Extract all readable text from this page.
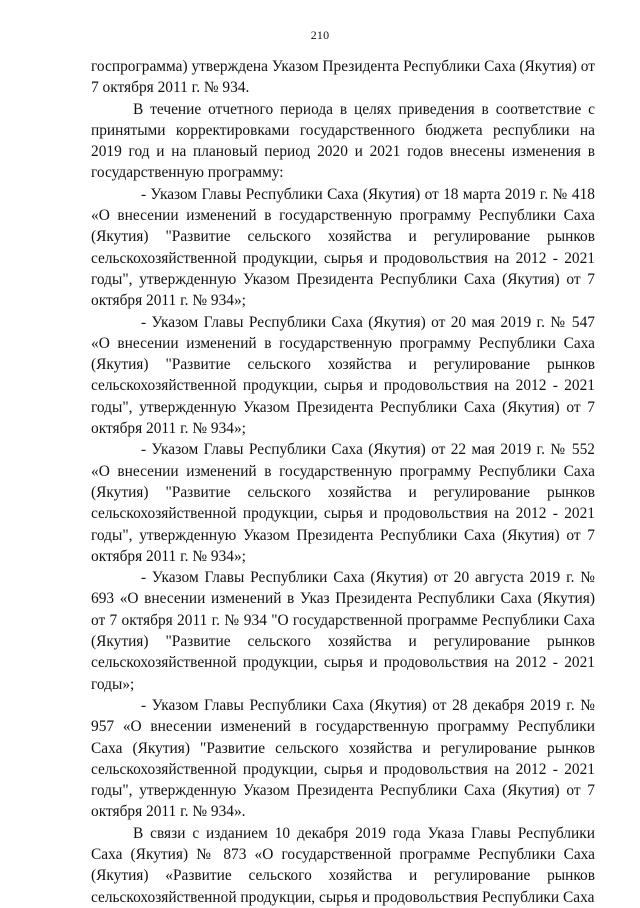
210

госпрограмма) утверждена Указом Президента Республики Саха (Якутия) от 7 октября 2011 г. № 934.

В течение отчетного периода в целях приведения в соответствие с принятыми корректировками государственного бюджета республики на 2019 год и на плановый период 2020 и 2021 годов внесены изменения в государственную программу:

- Указом Главы Республики Саха (Якутия) от 18 марта 2019 г. № 418 «О внесении изменений в государственную программу Республики Саха (Якутия) "Развитие сельского хозяйства и регулирование рынков сельскохозяйственной продукции, сырья и продовольствия на 2012 - 2021 годы", утвержденную Указом Президента Республики Саха (Якутия) от 7 октября 2011 г. № 934»;

- Указом Главы Республики Саха (Якутия) от 20 мая 2019 г. № 547 «О внесении изменений в государственную программу Республики Саха (Якутия) "Развитие сельского хозяйства и регулирование рынков сельскохозяйственной продукции, сырья и продовольствия на 2012 - 2021 годы", утвержденную Указом Президента Республики Саха (Якутия) от 7 октября 2011 г. № 934»;

- Указом Главы Республики Саха (Якутия) от 22 мая 2019 г. № 552 «О внесении изменений в государственную программу Республики Саха (Якутия) "Развитие сельского хозяйства и регулирование рынков сельскохозяйственной продукции, сырья и продовольствия на 2012 - 2021 годы", утвержденную Указом Президента Республики Саха (Якутия) от 7 октября 2011 г. № 934»;

- Указом Главы Республики Саха (Якутия) от 20 августа 2019 г. № 693 «О внесении изменений в Указ Президента Республики Саха (Якутия) от 7 октября 2011 г. № 934 "О государственной программе Республики Саха (Якутия) "Развитие сельского хозяйства и регулирование рынков сельскохозяйственной продукции, сырья и продовольствия на 2012 - 2021 годы»;

- Указом Главы Республики Саха (Якутия) от 28 декабря 2019 г. № 957 «О внесении изменений в государственную программу Республики Саха (Якутия) "Развитие сельского хозяйства и регулирование рынков сельскохозяйственной продукции, сырья и продовольствия на 2012 - 2021 годы", утвержденную Указом Президента Республики Саха (Якутия) от 7 октября 2011 г. № 934».

В связи с изданием 10 декабря 2019 года Указа Главы Республики Саха (Якутия) № 873 «О государственной программе Республики Саха (Якутия) «Развитие сельского хозяйства и регулирование рынков сельскохозяйственной продукции, сырья и продовольствия Республики Саха
